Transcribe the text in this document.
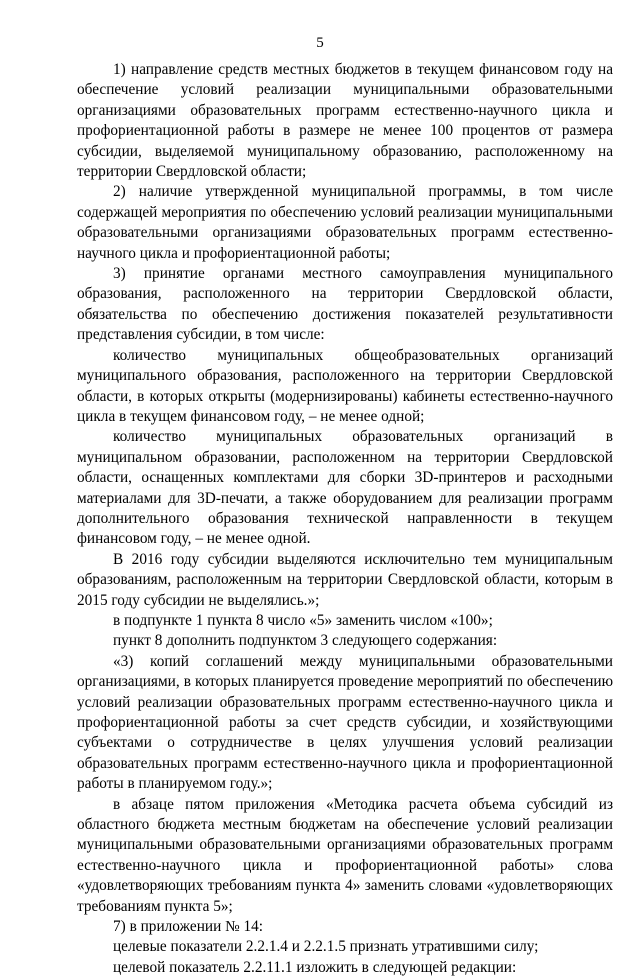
5

1) направление средств местных бюджетов в текущем финансовом году на обеспечение условий реализации муниципальными образовательными организациями образовательных программ естественно-научного цикла и профориентационной работы в размере не менее 100 процентов от размера субсидии, выделяемой муниципальному образованию, расположенному на территории Свердловской области;

2) наличие утвержденной муниципальной программы, в том числе содержащей мероприятия по обеспечению условий реализации муниципальными образовательными организациями образовательных программ естественно-научного цикла и профориентационной работы;

3) принятие органами местного самоуправления муниципального образования, расположенного на территории Свердловской области, обязательства по обеспечению достижения показателей результативности представления субсидии, в том числе:

количество муниципальных общеобразовательных организаций муниципального образования, расположенного на территории Свердловской области, в которых открыты (модернизированы) кабинеты естественно-научного цикла в текущем финансовом году, – не менее одной;

количество муниципальных образовательных организаций в муниципальном образовании, расположенном на территории Свердловской области, оснащенных комплектами для сборки 3D-принтеров и расходными материалами для 3D-печати, а также оборудованием для реализации программ дополнительного образования технической направленности в текущем финансовом году, – не менее одной.

В 2016 году субсидии выделяются исключительно тем муниципальным образованиям, расположенным на территории Свердловской области, которым в 2015 году субсидии не выделялись.»;

в подпункте 1 пункта 8 число «5» заменить числом «100»;

пункт 8 дополнить подпунктом 3 следующего содержания:

«3) копий соглашений между муниципальными образовательными организациями, в которых планируется проведение мероприятий по обеспечению условий реализации образовательных программ естественно-научного цикла и профориентационной работы за счет средств субсидии, и хозяйствующими субъектами о сотрудничестве в целях улучшения условий реализации образовательных программ естественно-научного цикла и профориентационной работы в планируемом году.»;

в абзаце пятом приложения «Методика расчета объема субсидий из областного бюджета местным бюджетам на обеспечение условий реализации муниципальными образовательными организациями образовательных программ естественно-научного цикла и профориентационной работы» слова «удовлетворяющих требованиям пункта 4» заменить словами «удовлетворяющих требованиям пункта 5»;

7) в приложении № 14:

целевые показатели 2.2.1.4 и 2.2.1.5 признать утратившими силу;

целевой показатель 2.2.11.1 изложить в следующей редакции:
